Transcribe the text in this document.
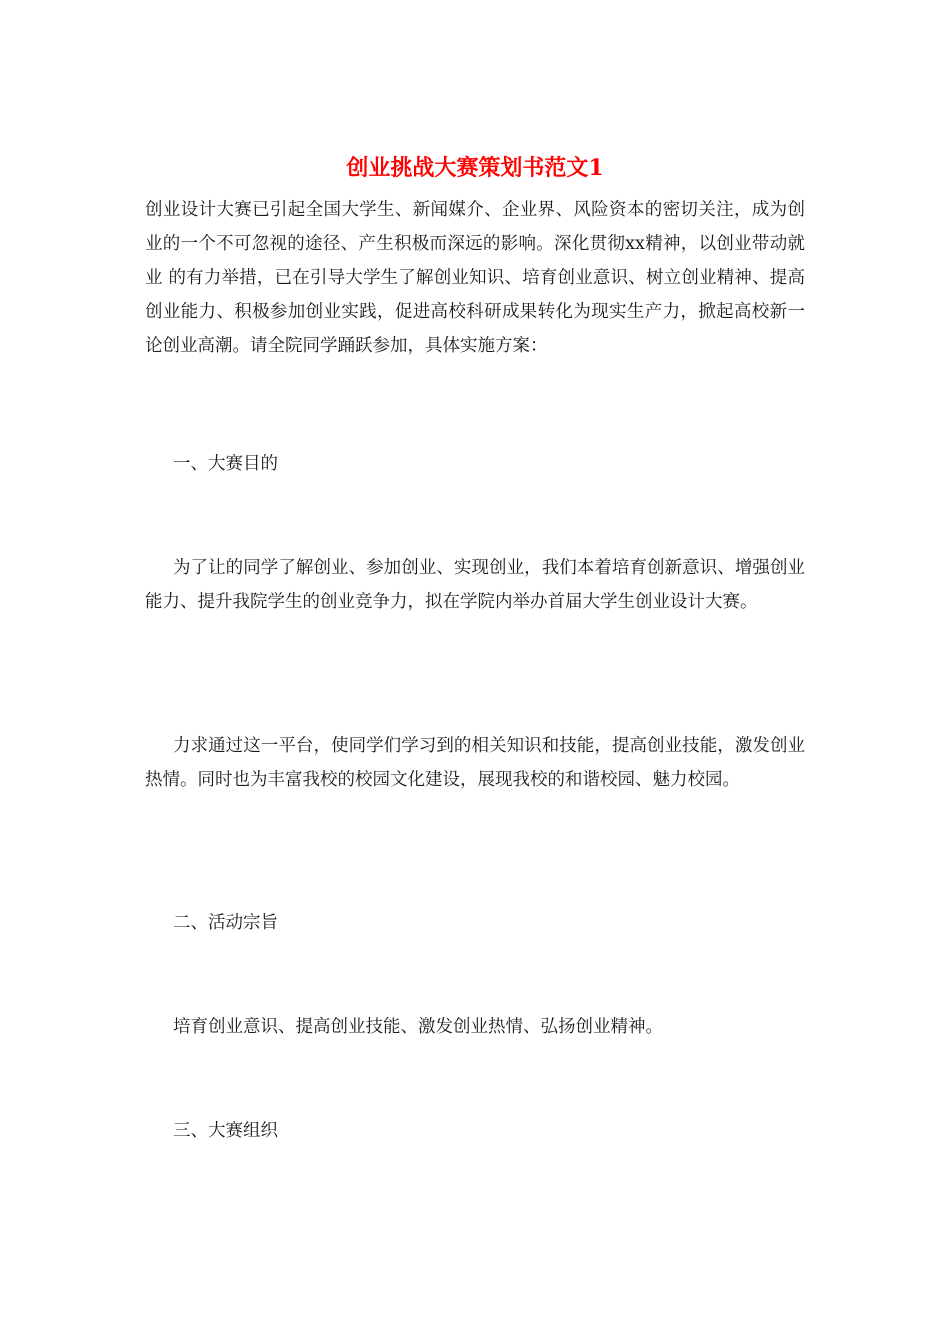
创业挑战大赛策划书范文1

创业设计大赛已引起全国大学生、新闻媒介、企业界、风险资本的密切关注，成为创业的一个不可忽视的途径、产生积极而深远的影响。深化贯彻xx精神，以创业带动就业 的有力举措，已在引导大学生了解创业知识、培育创业意识、树立创业精神、提高创业能力、积极参加创业实践，促进高校科研成果转化为现实生产力，掀起高校新一论创业高潮。请全院同学踊跃参加，具体实施方案：

一、大赛目的

为了让的同学了解创业、参加创业、实现创业，我们本着培育创新意识、增强创业能力、提升我院学生的创业竞争力，拟在学院内举办首届大学生创业设计大赛。

力求通过这一平台，使同学们学习到的相关知识和技能，提高创业技能，激发创业热情。同时也为丰富我校的校园文化建设，展现我校的和谐校园、魅力校园。

二、活动宗旨

培育创业意识、提高创业技能、激发创业热情、弘扬创业精神。

三、大赛组织
